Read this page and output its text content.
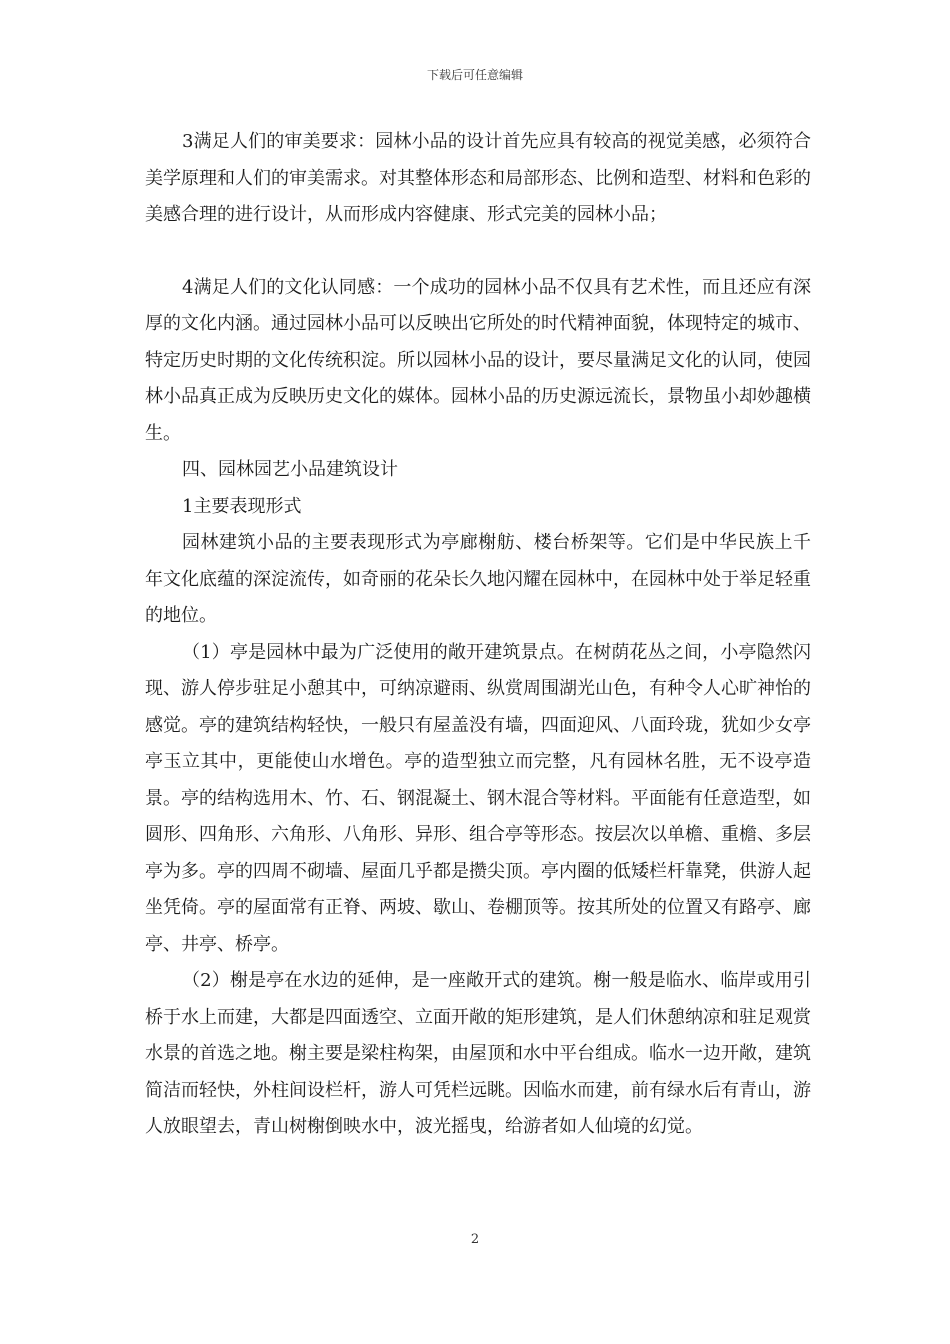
下载后可任意编辑

3满足人们的审美要求：园林小品的设计首先应具有较高的视觉美感，必须符合美学原理和人们的审美需求。对其整体形态和局部形态、比例和造型、材料和色彩的美感合理的进行设计，从而形成内容健康、形式完美的园林小品；

4满足人们的文化认同感：一个成功的园林小品不仅具有艺术性，而且还应有深厚的文化内涵。通过园林小品可以反映出它所处的时代精神面貌，体现特定的城市、特定历史时期的文化传统积淀。所以园林小品的设计，要尽量满足文化的认同，使园林小品真正成为反映历史文化的媒体。园林小品的历史源远流长，景物虽小却妙趣横生。

四、园林园艺小品建筑设计

1主要表现形式

园林建筑小品的主要表现形式为亭廊榭舫、楼台桥架等。它们是中华民族上千年文化底蕴的深淀流传，如奇丽的花朵长久地闪耀在园林中，在园林中处于举足轻重的地位。

（1）亭是园林中最为广泛使用的敞开建筑景点。在树荫花丛之间，小亭隐然闪现、游人停步驻足小憩其中，可纳凉避雨、纵赏周围湖光山色，有种令人心旷神怡的感觉。亭的建筑结构轻快，一般只有屋盖没有墙，四面迎风、八面玲珑，犹如少女亭亭玉立其中，更能使山水增色。亭的造型独立而完整，凡有园林名胜，无不设亭造景。亭的结构选用木、竹、石、钢混凝土、钢木混合等材料。平面能有任意造型，如圆形、四角形、六角形、八角形、异形、组合亭等形态。按层次以单檐、重檐、多层亭为多。亭的四周不砌墙、屋面几乎都是攒尖顶。亭内圈的低矮栏杆靠凳，供游人起坐凭倚。亭的屋面常有正脊、两坡、歇山、卷棚顶等。按其所处的位置又有路亭、廊亭、井亭、桥亭。

（2）榭是亭在水边的延伸，是一座敞开式的建筑。榭一般是临水、临岸或用引桥于水上而建，大都是四面透空、立面开敞的矩形建筑，是人们休憩纳凉和驻足观赏水景的首选之地。榭主要是梁柱构架，由屋顶和水中平台组成。临水一边开敞，建筑简洁而轻快，外柱间设栏杆，游人可凭栏远眺。因临水而建，前有绿水后有青山，游人放眼望去，青山树榭倒映水中，波光摇曳，给游者如人仙境的幻觉。

2
